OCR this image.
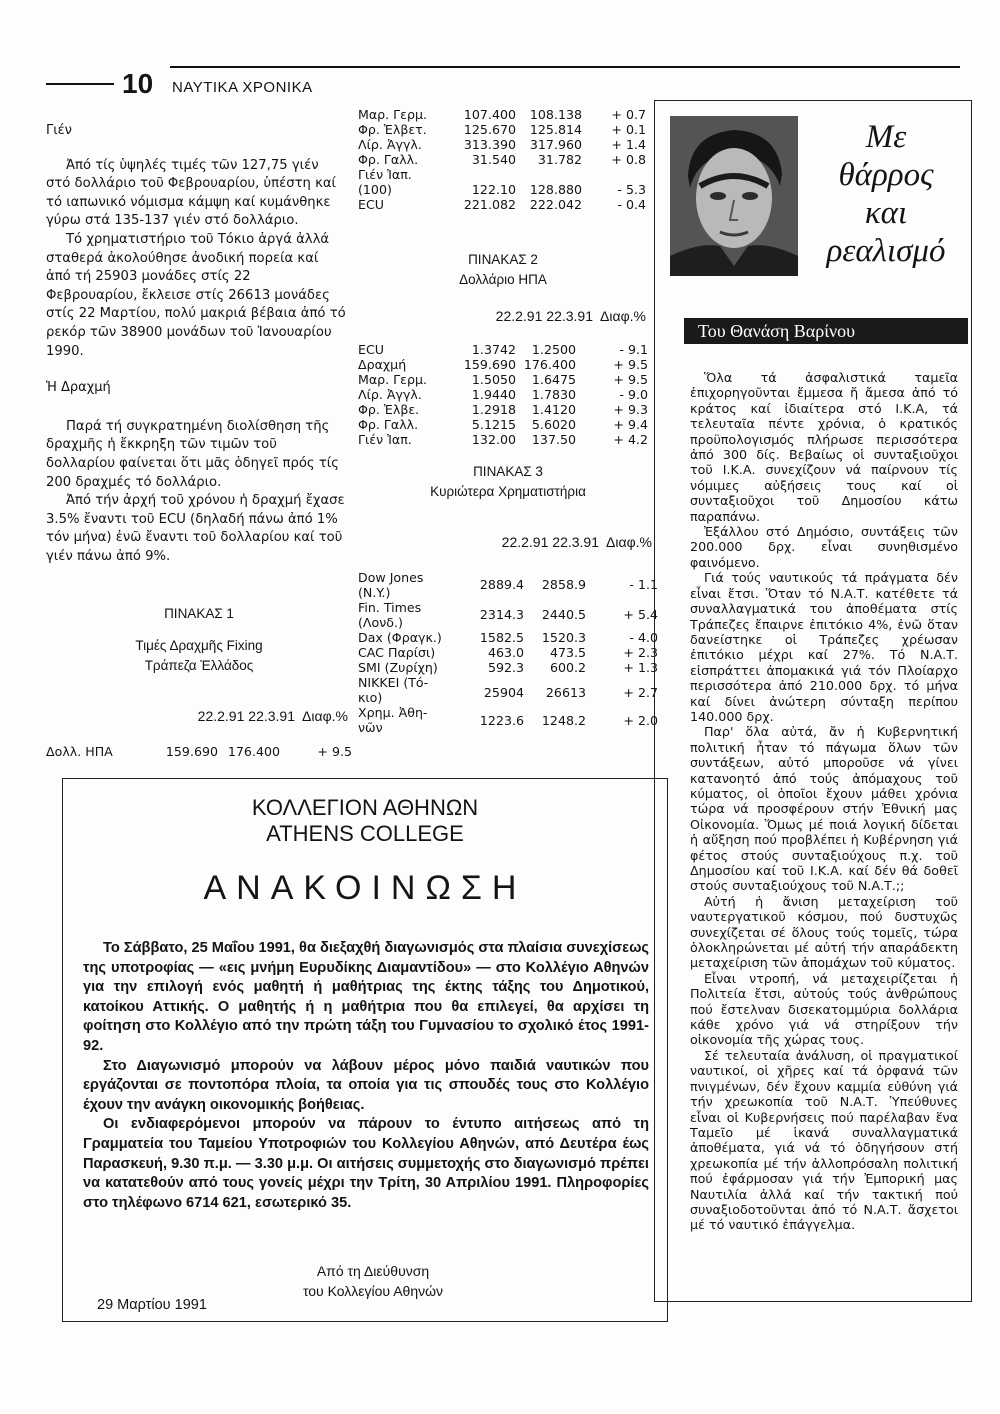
10 ΝΑΥΤΙΚΑ ΧΡΟΝΙΚΑ

Γιέν

Ἀπό τίς ὑψηλές τιμές τῶν 127,75 γιέν στό δολλάριο τοῦ Φεβρουαρίου, ὑπέστη καί τό ιαπωνικό νόμισμα κάμψη καί κυμάνθηκε γύρω στά 135-137 γιέν στό δολλάριο.

Τό χρηματιστήριο τοῦ Τόκιο ἀργά ἀλλά σταθερά ἀκολούθησε ἀνοδική πορεία καί ἀπό τή 25903 μονάδες στίς 22 Φεβρουαρίου, ἔκλεισε στίς 26613 μονάδες στίς 22 Μαρτίου, πολύ μακριά βέβαια ἀπό τό ρεκόρ τῶν 38900 μονάδων τοῦ Ἰανουαρίου 1990.

Ἡ Δραχμή

Παρά τή συγκρατημένη διολίσθηση τῆς δραχμῆς ἡ ἔκκρηξη τῶν τιμῶν τοῦ δολλαρίου φαίνεται ὅτι μᾶς ὁδηγεῖ πρός τίς 200 δραχμές τό δολλάριο.

Ἀπό τήν ἀρχή τοῦ χρόνου ἡ δραχμή ἔχασε 3.5% ἔναντι τοῦ ECU (δηλαδή πάνω ἀπό 1% τόν μήνα) ἐνῶ ἔναντι τοῦ δολλαρίου καί τοῦ γιέν πάνω ἀπό 9%.

ΠΙΝΑΚΑΣ 1

Τιμές Δραχμῆς Fixing

Τράπεζα Ἑλλάδος

22.2.91 22.3.91 Διαφ.%
Δολλ. ΗΠΑ	159.690	176.400	+ 9.5
Μαρ. Γερμ.	107.400	108.138	+ 0.7
Φρ. Ἐλβετ.	125.670	125.814	+ 0.1
Λίρ. Ἀγγλ.	313.390	317.960	+ 1.4
Φρ. Γαλλ.	31.540	31.782	+ 0.8
Γιέν Ἰαπ.			
(100)	122.10	128.880	- 5.3
ECU	221.082	222.042	- 0.4

ΠΙΝΑΚΑΣ 2

Δολλάριο ΗΠΑ

22.2.91 22.3.91 Διαφ.%
ECU	1.3742	1.2500	- 9.1
Δραχμή	159.690	176.400	+ 9.5
Μαρ. Γερμ.	1.5050	1.6475	+ 9.5
Λίρ. Ἀγγλ.	1.9440	1.7830	- 9.0
Φρ. Ἐλβε.	1.2918	1.4120	+ 9.3
Φρ. Γαλλ.	5.1215	5.6020	+ 9.4
Γιέν Ἰαπ.	132.00	137.50	+ 4.2

ΠΙΝΑΚΑΣ 3

Κυριώτερα Χρηματιστήρια

22.2.91 22.3.91 Διαφ.%
Dow Jones
(N.Y.)	2889.4	2858.9	- 1.1
Fin. Times
(Λονδ.)	2314.3	2440.5	+ 5.4
Dax (Φραγκ.)	1582.5	1520.3	- 4.0
CAC Παρίσι)	463.0	473.5	+ 2.3
SMI (Ζυρίχη)	592.3	600.2	+ 1.3
NIKKEI (Τό-
κιο)	25904	26613	+ 2.7
Χρημ. Ἀθη-
νῶν	1223.6	1248.2	+ 2.0
ΚΟΛΛΕΓΙΟΝ ΑΘΗΝΩΝ
ATHENS COLLEGE
ΑΝΑΚΟΙΝΩΣΗ

Το Σάββατο, 25 Μαΐου 1991, θα διεξαχθή διαγωνισμός στα πλαίσια συνεχίσεως της υποτροφίας — «εις μνήμη Ευρυδίκης Διαμαντίδου» — στο Κολλέγιο Αθηνών για την επιλογή ενός μαθητή ή μαθήτριας της έκτης τάξης του Δημοτικού, κατοίκου Αττικής. Ο μαθητής ή η μαθήτρια που θα επιλεγεί, θα αρχίσει τη φοίτηση στο Κολλέγιο από την πρώτη τάξη του Γυμνασίου το σχολικό έτος 1991-92.

Στο Διαγωνισμό μπορούν να λάβουν μέρος μόνο παιδιά ναυτικών που εργάζονται σε ποντοπόρα πλοία, τα οποία για τις σπουδές τους στο Κολλέγιο έχουν την ανάγκη οικονομικής βοήθειας.

Οι ενδιαφερόμενοι μπορούν να πάρουν το έντυπο αιτήσεως από τη Γραμματεία του Ταμείου Υποτροφιών του Κολλεγίου Αθηνών, από Δευτέρα έως Παρασκευή, 9.30 π.μ. — 3.30 μ.μ. Οι αιτήσεις συμμετοχής στο διαγωνισμό πρέπει να κατατεθούν από τους γονείς μέχρι την Τρίτη, 30 Απριλίου 1991. Πληροφορίες στο τηλέφωνο 6714 621, εσωτερικό 35.

Από τη Διεύθυνση
του Κολλεγίου Αθηνών
29 Μαρτίου 1991
Με
θάρρος
και
ρεαλισμό
Του Θανάση Βαρίνου

Ὅλα τά ἀσφαλιστικά ταμεῖα ἐπιχορηγοῦνται ἔμμεσα ἤ ἄμεσα ἀπό τό κράτος καί ἰδιαίτερα στό Ι.Κ.Α, τά τελευταῖα πέντε χρόνια, ὁ κρατικός προϋπολογισμός πλήρωσε περισσότερα ἀπό 300 δίς. Βεβαίως οἱ συνταξιοῦχοι τοῦ Ι.Κ.Α. συνεχίζουν νά παίρνουν τίς νόμιμες αὐξήσεις τους καί οἱ συνταξιοῦχοι τοῦ Δημοσίου κάτω παραπάνω.

Ἐξάλλου στό Δημόσιο, συντάξεις τῶν 200.000 δρχ. εἶναι συνηθισμένο φαινόμενο.

Γιά τούς ναυτικούς τά πράγματα δέν εἶναι ἔτσι. Ὅταν τό Ν.Α.Τ. κατέθετε τά συναλλαγματικά του ἀποθέματα στίς Τράπεζες ἔπαιρνε ἐπιτόκιο 4%, ἐνῶ ὅταν δανείστηκε οἱ Τράπεζες χρέωσαν ἐπιτόκιο μέχρι καί 27%. Τό Ν.Α.Τ. εἰσπράττει ἀπομακικά γιά τόν Πλοίαρχο περισσότερα ἀπό 210.000 δρχ. τό μήνα καί δίνει ἀνώτερη σύνταξη περίπου 140.000 δρχ.

Παρ' ὅλα αὐτά, ἄν ἡ Κυβερνητική πολιτική ἦταν τό πάγωμα ὅλων τῶν συντάξεων, αὐτό μποροῦσε νά γίνει κατανοητό ἀπό τούς ἀπόμαχους τοῦ κύματος, οἱ ὁποῖοι ἔχουν μάθει χρόνια τώρα νά προσφέρουν στήν Ἐθνική μας Οἰκονομία. Ὅμως μέ ποιά λογική δίδεται ἡ αὔξηση πού προβλέπει ἡ Κυβέρνηση γιά φέτος στούς συνταξιούχους π.χ. τοῦ Δημοσίου καί τοῦ Ι.Κ.Α. καί δέν θά δοθεῖ στούς συνταξιούχους τοῦ Ν.Α.Τ.;;

Αὐτή ἡ ἄνιση μεταχείριση τοῦ ναυτεργατικοῦ κόσμου, πού δυστυχῶς συνεχίζεται σέ ὅλους τούς τομεῖς, τώρα ὁλοκληρώνεται μέ αὐτή τήν απαράδεκτη μεταχείριση τῶν ἀπομάχων τοῦ κύματος.

Εἶναι ντροπή, νά μεταχειρίζεται ἡ Πολιτεία ἔτσι, αὐτούς τούς ἀνθρώπους πού ἔστελναν δισεκατομμύρια δολλάρια κάθε χρόνο γιά νά στηρίξουν τήν οἰκονομία τῆς χώρας τους.

Σέ τελευταία ἀνάλυση, οἱ πραγματικοί ναυτικοί, οἱ χῆρες καί τά ὀρφανά τῶν πνιγμένων, δέν ἔχουν καμμία εὐθύνη γιά τήν χρεωκοπία τοῦ Ν.Α.Τ. Ὑπεύθυνες εἶναι οἱ Κυβερνήσεις πού παρέλαβαν ἕνα Ταμεῖο μέ ἱκανά συναλλαγματικά ἀποθέματα, γιά νά τό ὁδηγήσουν στή χρεωκοπία μέ τήν ἀλλοπρόσαλη πολιτική πού ἐφάρμοσαν γιά τήν Ἐμπορική μας Ναυτιλία ἀλλά καί τήν τακτική πού συναξιοδοτοῦνται ἀπό τό Ν.Α.Τ. ἄσχετοι μέ τό ναυτικό ἐπάγγελμα.
